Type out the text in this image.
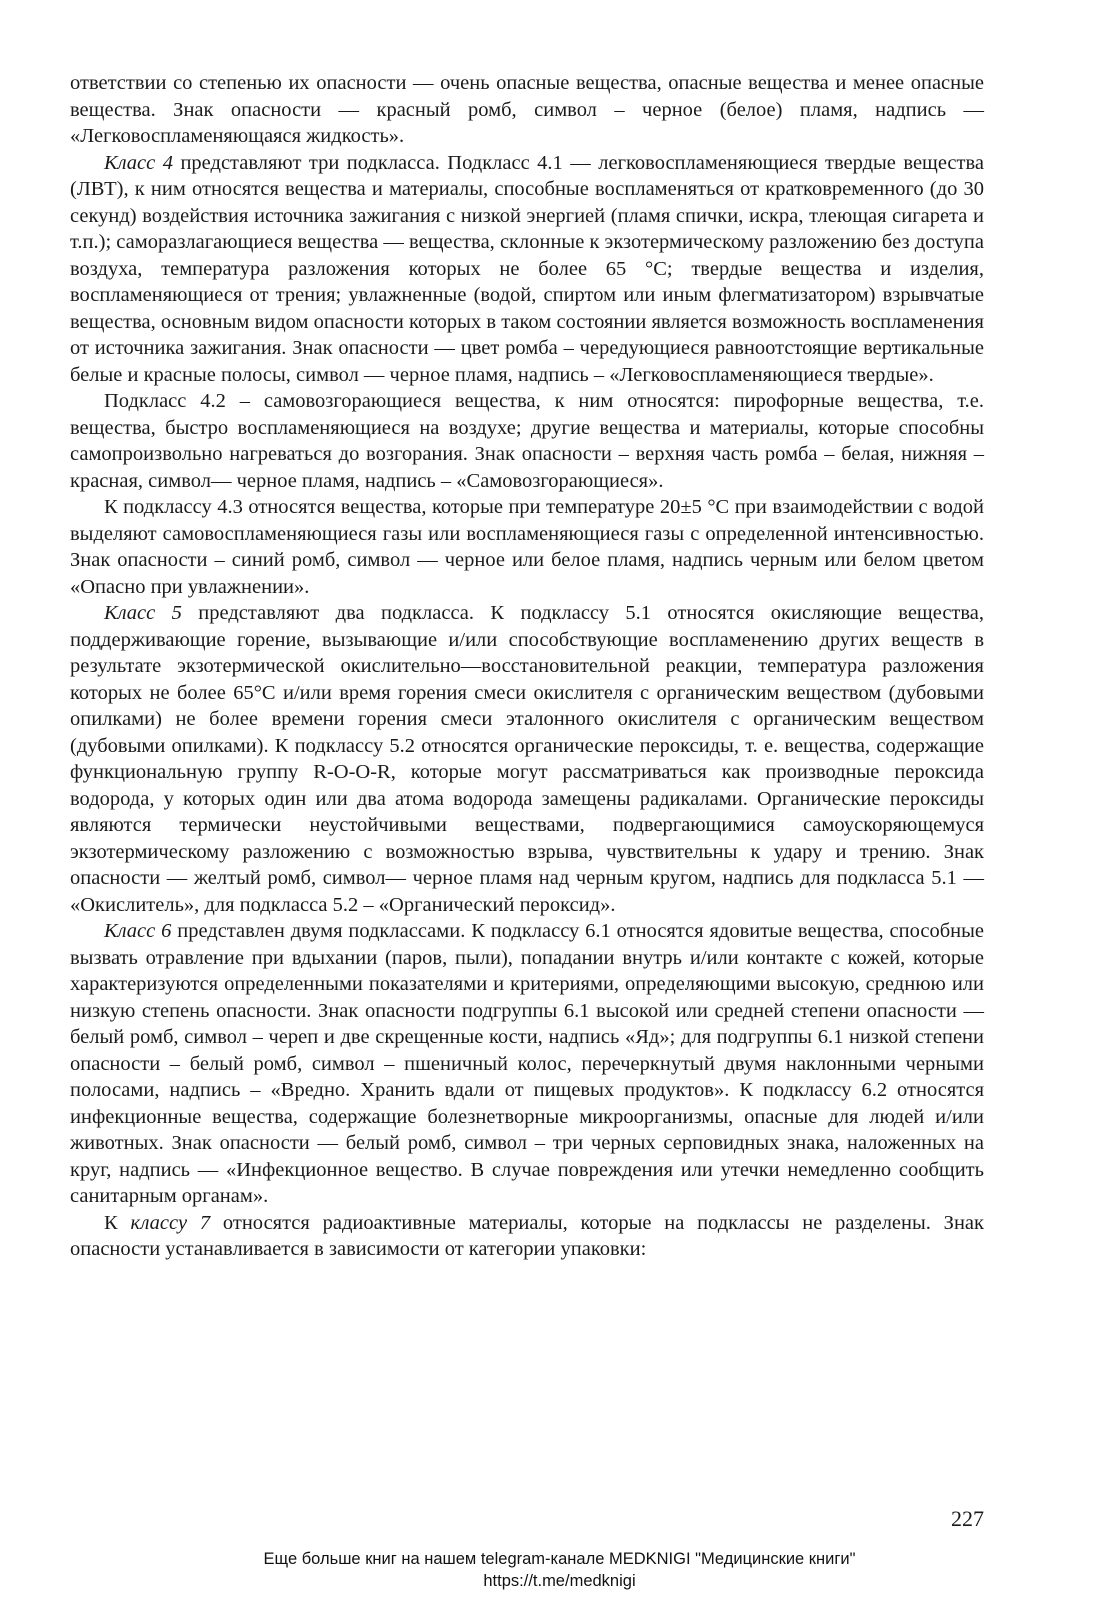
ответствии со степенью их опасности — очень опасные вещества, опасные вещества и менее опасные вещества. Знак опасности — красный ромб, символ – черное (белое) пламя, надпись — «Легковоспламеняющаяся жидкость».

Класс 4 представляют три подкласса. Подкласс 4.1 — легковоспламеняющиеся твердые вещества (ЛВТ), к ним относятся вещества и материалы, способные воспламеняться от кратковременного (до 30 секунд) воздействия источника зажигания с низкой энергией (пламя спички, искра, тлеющая сигарета и т.п.); саморазлагающиеся вещества — вещества, склонные к экзотермическому разложению без доступа воздуха, температура разложения которых не более 65 °С; твердые вещества и изделия, воспламеняющиеся от трения; увлажненные (водой, спиртом или иным флегматизатором) взрывчатые вещества, основным видом опасности которых в таком состоянии является возможность воспламенения от источника зажигания. Знак опасности — цвет ромба – чередующиеся равноотстоящие вертикальные белые и красные полосы, символ — черное пламя, надпись – «Легковоспламеняющиеся твердые».

Подкласс 4.2 – самовозгорающиеся вещества, к ним относятся: пирофорные вещества, т.е. вещества, быстро воспламеняющиеся на воздухе; другие вещества и материалы, которые способны самопроизвольно нагреваться до возгорания. Знак опасности – верхняя часть ромба – белая, нижняя – красная, символ— черное пламя, надпись – «Самовозгорающиеся».

К подклассу 4.3 относятся вещества, которые при температуре 20±5 °С при взаимодействии с водой выделяют самовоспламеняющиеся газы или воспламеняющиеся газы с определенной интенсивностью. Знак опасности – синий ромб, символ — черное или белое пламя, надпись черным или белом цветом «Опасно при увлажнении».

Класс 5 представляют два подкласса. К подклассу 5.1 относятся окисляющие вещества, поддерживающие горение, вызывающие и/или способствующие воспламенению других веществ в результате экзотермической окислительно—восстановительной реакции, температура разложения которых не более 65°С и/или время горения смеси окислителя с органическим веществом (дубовыми опилками) не более времени горения смеси эталонного окислителя с органическим веществом (дубовыми опилками). К подклассу 5.2 относятся органические пероксиды, т. е. вещества, содержащие функциональную группу R-O-O-R, которые могут рассматриваться как производные пероксида водорода, у которых один или два атома водорода замещены радикалами. Органические пероксиды являются термически неустойчивыми веществами, подвергающимися самоускоряющемуся экзотермическому разложению с возможностью взрыва, чувствительны к удару и трению. Знак опасности — желтый ромб, символ— черное пламя над черным кругом, надпись для подкласса 5.1 — «Окислитель», для подкласса 5.2 – «Органический пероксид».

Класс 6 представлен двумя подклассами. К подклассу 6.1 относятся ядовитые вещества, способные вызвать отравление при вдыхании (паров, пыли), попадании внутрь и/или контакте с кожей, которые характеризуются определенными показателями и критериями, определяющими высокую, среднюю или низкую степень опасности. Знак опасности подгруппы 6.1 высокой или средней степени опасности — белый ромб, символ – череп и две скрещенные кости, надпись «Яд»; для подгруппы 6.1 низкой степени опасности – белый ромб, символ – пшеничный колос, перечеркнутый двумя наклонными черными полосами, надпись – «Вредно. Хранить вдали от пищевых продуктов». К подклассу 6.2 относятся инфекционные вещества, содержащие болезнетворные микроорганизмы, опасные для людей и/или животных. Знак опасности — белый ромб, символ – три черных серповидных знака, наложенных на круг, надпись — «Инфекционное вещество. В случае повреждения или утечки немедленно сообщить санитарным органам».

К классу 7 относятся радиоактивные материалы, которые на подклассы не разделены. Знак опасности устанавливается в зависимости от категории упаковки:

227
Еще больше книг на нашем telegram-канале MEDKNIGI "Медицинские книги"
https://t.me/medknigi
